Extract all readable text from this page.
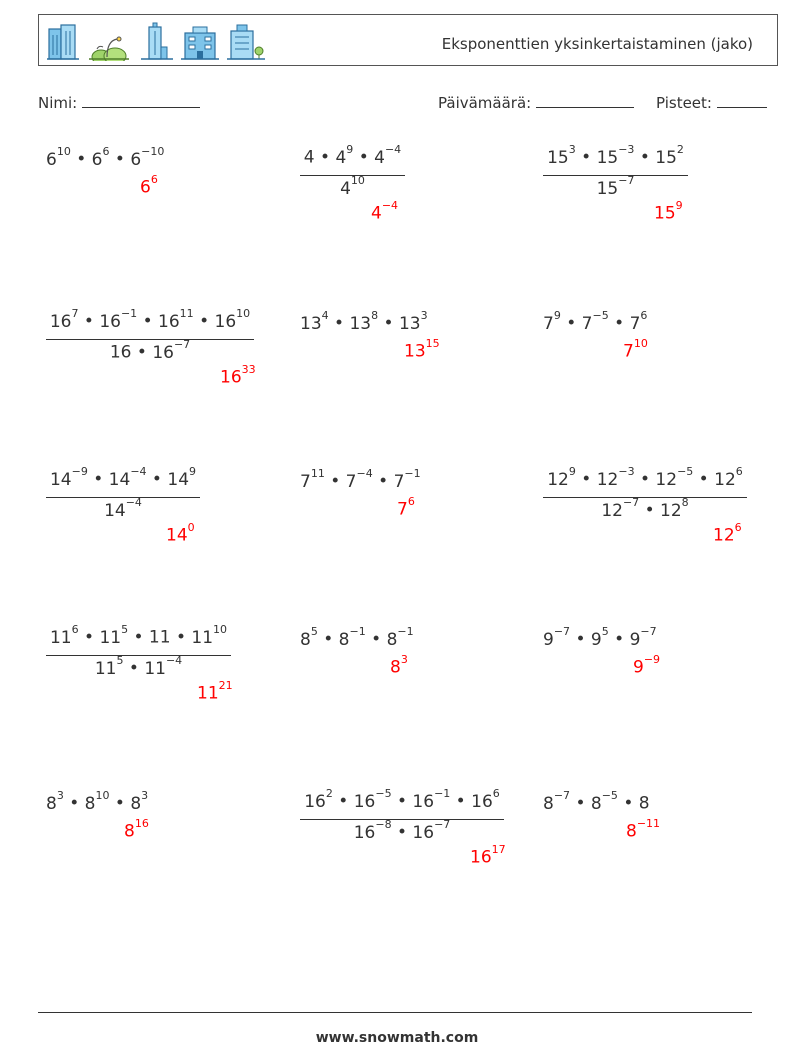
Eksponenttien yksinkertaistaminen (jako)
Nimi:	Päivämäärä:	Pisteet:
$6^{10}$ • $6^6$ • $6^{-10}$
$6^6$
4 • $4^9$ • $4^{-4}$
$4^{10}$
$4^{-4}$
$15^3$ • $15^{-3}$ • $15^2$
$15^{-7}$
$15^9$
$16^7$ • $16^{-1}$ • $16^{11}$ • $16^{10}$
16 • $16^{-7}$
$16^{33}$
$13^4$ • $13^8$ • $13^3$
$13^{15}$
$7^9$ • $7^{-5}$ • $7^6$
$7^{10}$
$14^{-9}$ • $14^{-4}$ • $14^9$
$14^{-4}$
$14^0$
$7^{11}$ • $7^{-4}$ • $7^{-1}$
$7^6$
$12^9$ • $12^{-3}$ • $12^{-5}$ • $12^6$
$12^{-7}$ • $12^8$
$12^6$
$11^6$ • $11^5$ • 11 • $11^{10}$
$11^5$ • $11^{-4}$
$11^{21}$
$8^5$ • $8^{-1}$ • $8^{-1}$
$8^3$
$9^{-7}$ • $9^5$ • $9^{-7}$
$9^{-9}$
$8^3$ • $8^{10}$ • $8^3$
$8^{16}$
$16^2$ • $16^{-5}$ • $16^{-1}$ • $16^6$
$16^{-8}$ • $16^{-7}$
$16^{17}$
$8^{-7}$ • $8^{-5}$ • 8
$8^{-11}$
www.snowmath.com
